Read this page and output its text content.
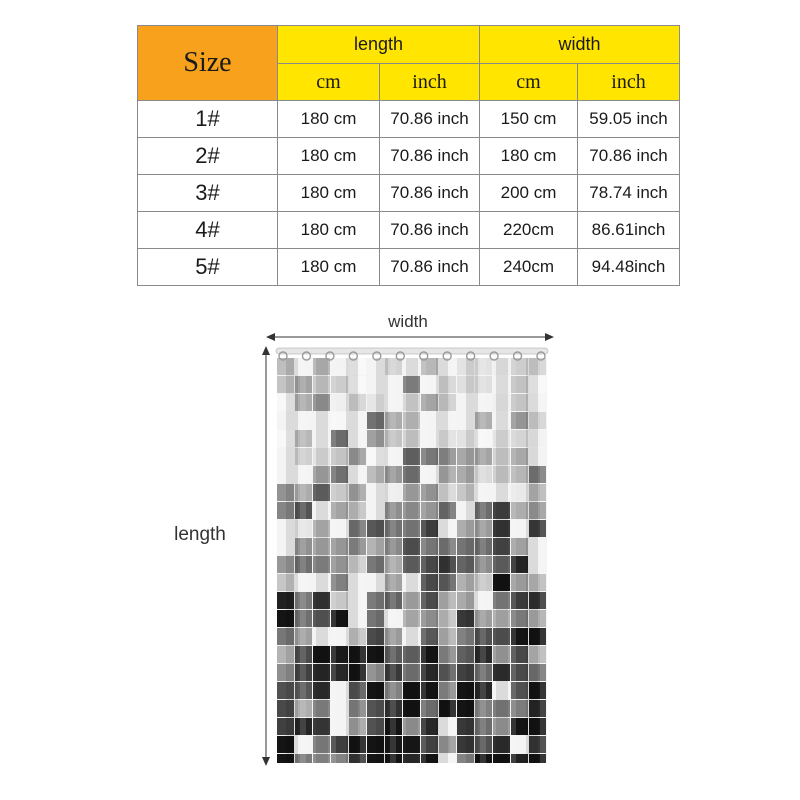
Size	length		width	
	cm	inch	cm	inch
1#	180 cm	70.86 inch	150 cm	59.05 inch
2#	180 cm	70.86 inch	180 cm	70.86 inch
3#	180 cm	70.86 inch	200 cm	78.74 inch
4#	180 cm	70.86 inch	220cm	86.61inch
5#	180 cm	70.86 inch	240cm	94.48inch
width
length
